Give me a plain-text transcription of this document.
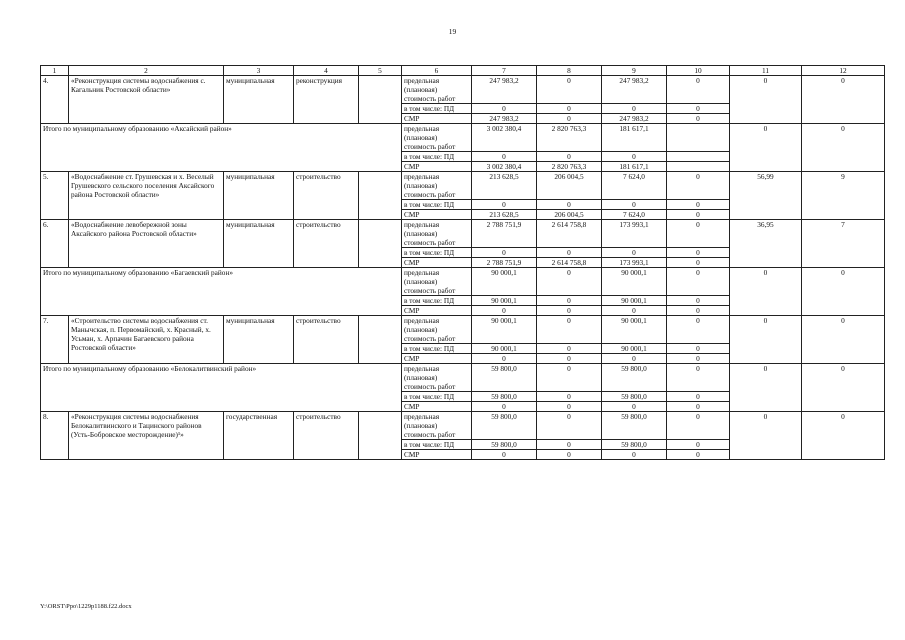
19
1	2	3	4	5	6	7	8	9	10	11	12
4.	«Реконструкция системы водоснабжения с. Кагальник Ростовской области»	муниципальная	реконструкция		предельная (плановая) стоимость работ	247 983,2	0	247 983,2	0	0	0
					в том числе: ПД	0	0	0	0		
					СМР	247 983,2	0	247 983,2	0		
Итого по муниципальному образованию «Аксайский район»					предельная (плановая) стоимость работ	3 002 380,4	2 820 763,3	181 617,1		0	0
					в том числе: ПД	0	0	0			
					СМР	3 002 380,4	2 820 763,3	181 617,1			
5.	«Водоснабжение ст. Грушевская и х. Веселый Грушевского сельского поселения Аксайского района Ростовской области»	муниципальная	строительство		предельная (плановая) стоимость работ	213 628,5	206 004,5	7 624,0	0	56,99	9
					в том числе: ПД	0	0	0	0		
					СМР	213 628,5	206 004,5	7 624,0	0		
6.	«Водоснабжение левобережной зоны Аксайского района Ростовской области»	муниципальная	строительство		предельная (плановая) стоимость работ	2 788 751,9	2 614 758,8	173 993,1	0	36,95	7
					в том числе: ПД	0	0	0	0		
					СМР	2 788 751,9	2 614 758,8	173 993,1	0		
Итого по муниципальному образованию «Багаевский район»					предельная (плановая) стоимость работ	90 000,1	0	90 000,1	0	0	0
					в том числе: ПД	90 000,1	0	90 000,1	0		
					СМР	0	0	0	0		
7.	«Строительство системы водоснабжения ст. Манычская, п. Первомайский, х. Красный, х. Усьман, х. Арпачин Багаевского района Ростовской области»	муниципальная	строительство		предельная (плановая) стоимость работ	90 000,1	0	90 000,1	0	0	0
					в том числе: ПД	90 000,1	0	90 000,1	0		
					СМР	0	0	0	0		
Итого по муниципальному образованию «Белокалитвинский район»					предельная (плановая) стоимость работ	59 800,0	0	59 800,0	0	0	0
					в том числе: ПД	59 800,0	0	59 800,0	0		
					СМР	0	0	0	0		
8.	«Реконструкция системы водоснабжения Белокалитвинского и Тацинского районов (Усть-Бобровское месторождение)¹»	государственная	строительство		предельная (плановая) стоимость работ	59 800,0	0	59 800,0	0	0	0
					в том числе: ПД	59 800,0	0	59 800,0	0		
					СМР	0	0	0	0		
Y:\ORST\Ppo\1229p1188.f22.docx
